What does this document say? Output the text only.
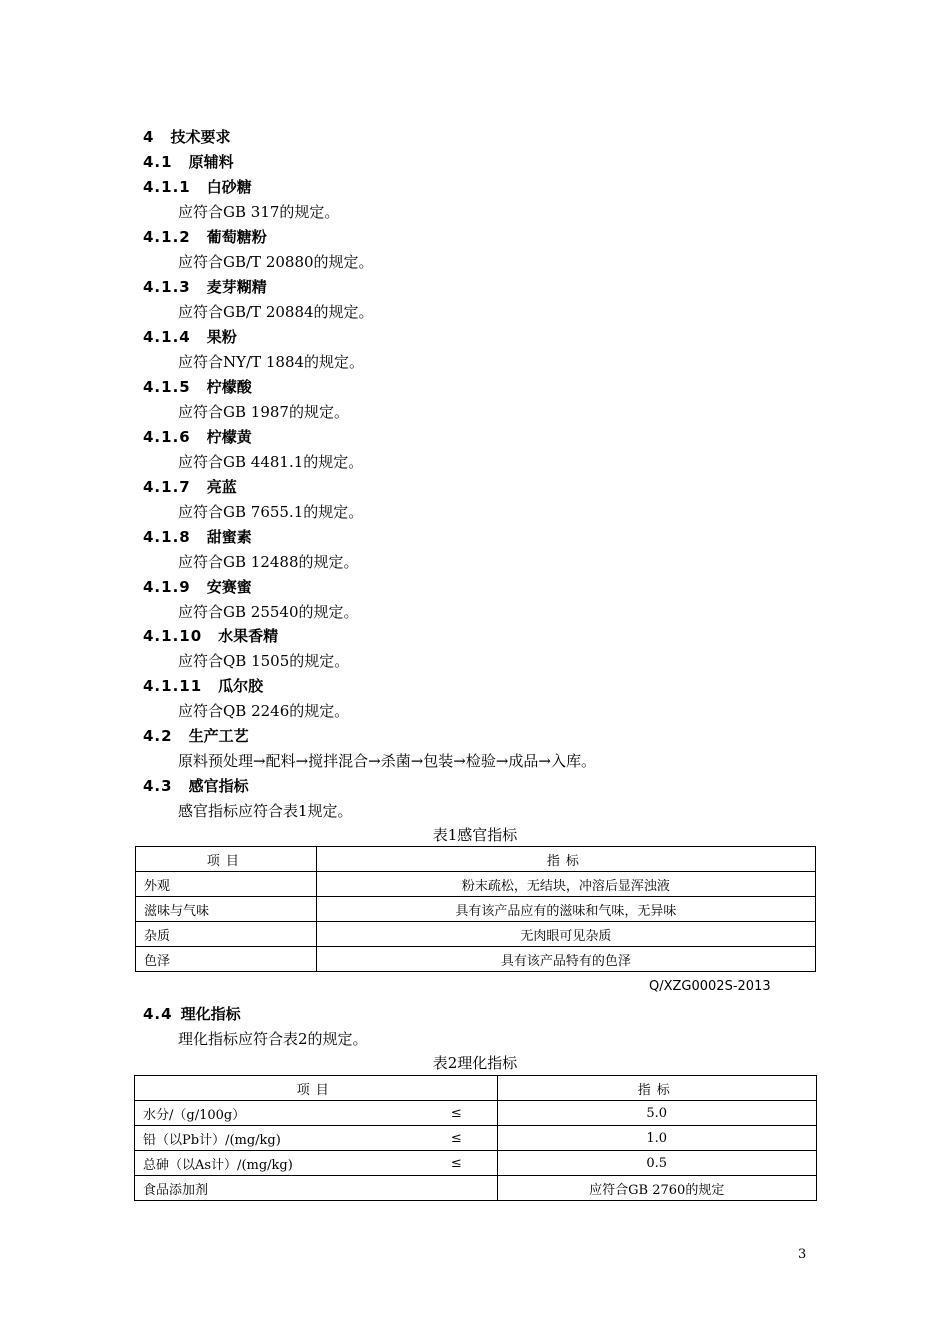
4 技术要求
4.1 原辅料
4.1.1 白砂糖
应符合GB 317的规定。
4.1.2 葡萄糖粉
应符合GB/T 20880的规定。
4.1.3 麦芽糊精
应符合GB/T 20884的规定。
4.1.4 果粉
应符合NY/T 1884的规定。
4.1.5 柠檬酸
应符合GB 1987的规定。
4.1.6 柠檬黄
应符合GB 4481.1的规定。
4.1.7 亮蓝
应符合GB 7655.1的规定。
4.1.8 甜蜜素
应符合GB 12488的规定。
4.1.9 安赛蜜
应符合GB 25540的规定。
4.1.10 水果香精
应符合QB 1505的规定。
4.1.11 瓜尔胶
应符合QB 2246的规定。
4.2 生产工艺
原料预处理→配料→搅拌混合→杀菌→包装→检验→成品→入库。
4.3 感官指标
感官指标应符合表1规定。
表1感官指标
项目	指标
外观	粉末疏松，无结块，冲溶后显浑浊液
滋味与气味	具有该产品应有的滋味和气味，无异味
杂质	无肉眼可见杂质
色泽	具有该产品特有的色泽
Q/XZG0002S-2013
4.4 理化指标
理化指标应符合表2的规定。
表2理化指标
项目		指标
水分/（g/100g）	≤	5.0
铅（以Pb计）/(mg/kg)	≤	1.0
总砷（以As计）/(mg/kg)	≤	0.5
食品添加剂		应符合GB 2760的规定
3
